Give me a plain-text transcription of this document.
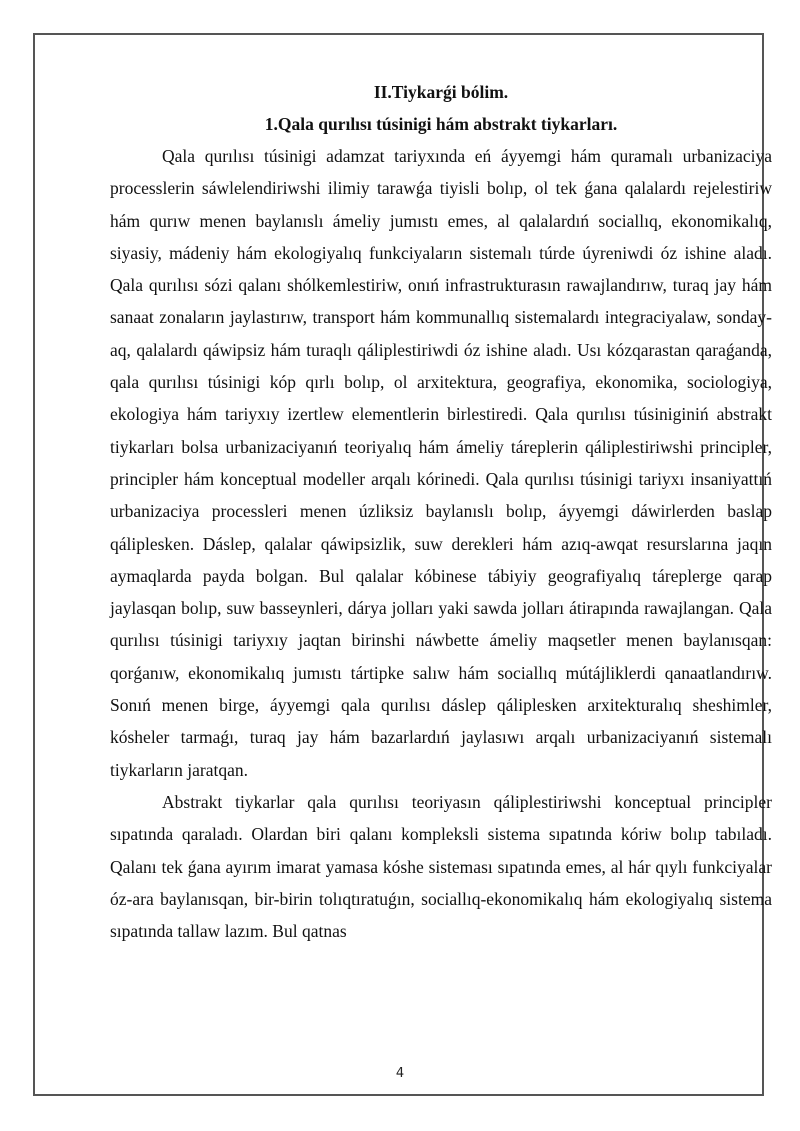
II.Tiykarǵi bólim.
1.Qala qurılısı túsinigi hám abstrakt tiykarları.

Qala qurılısı túsinigi adamzat tariyxında eń áyyemgi hám quramalı urbanizaciya processlerin sáwlelendiriwshi ilimiy tarawǵa tiyisli bolıp, ol tek ǵana qalalardı rejelestiriw hám qurıw menen baylanıslı ámeliy jumıstı emes, al qalalardıń sociallıq, ekonomikalıq, siyasiy, mádeniy hám ekologiyalıq funkciyaların sistemalı túrde úyreniwdi óz ishine aladı. Qala qurılısı sózi qalanı shólkemlestiriw, onıń infrastrukturasın rawajlandırıw, turaq jay hám sanaat zonaların jaylastırıw, transport hám kommunallıq sistemalardı integraciyalaw, sonday-aq, qalalardı qáwipsiz hám turaqlı qáliplestiriwdi óz ishine aladı. Usı kózqarastan qaraǵanda, qala qurılısı túsinigi kóp qırlı bolıp, ol arxitektura, geografiya, ekonomika, sociologiya, ekologiya hám tariyxıy izertlew elementlerin birlestiredi. Qala qurılısı túsiniginiń abstrakt tiykarları bolsa urbanizaciyanıń teoriyalıq hám ámeliy táreplerin qáliplestiriwshi principler, principler hám konceptual modeller arqalı kórinedi. Qala qurılısı túsinigi tariyxı insaniyattıń urbanizaciya processleri menen úzliksiz baylanıslı bolıp, áyyemgi dáwirlerden baslap qáliplesken. Dáslep, qalalar qáwipsizlik, suw derekleri hám azıq-awqat resurslarına jaqın aymaqlarda payda bolgan. Bul qalalar kóbinese tábiyiy geografiyalıq táreplerge qarap jaylasqan bolıp, suw basseynleri, dárya jolları yaki sawda jolları átirapında rawajlangan. Qala qurılısı túsinigi tariyxıy jaqtan birinshi náwbette ámeliy maqsetler menen baylanısqan: qorǵanıw, ekonomikalıq jumıstı tártipke salıw hám sociallıq mútájliklerdi qanaatlandırıw. Sonıń menen birge, áyyemgi qala qurılısı dáslep qáliplesken arxitekturalıq sheshimler, kósheler tarmaǵı, turaq jay hám bazarlardıń jaylasıwı arqalı urbanizaciyanıń sistemalı tiykarların jaratqan.

Abstrakt tiykarlar qala qurılısı teoriyasın qáliplestiriwshi konceptual principler sıpatında qaraladı. Olardan biri qalanı kompleksli sistema sıpatında kóriw bolıp tabıladı. Qalanı tek ǵana ayırım imarat yamasa kóshe sisteması sıpatında emes, al hár qıylı funkciyalar óz-ara baylanısqan, bir-birin tolıqtıratuǵın, sociallıq-ekonomikalıq hám ekologiyalıq sistema sıpatında tallaw lazım. Bul qatnas

4
